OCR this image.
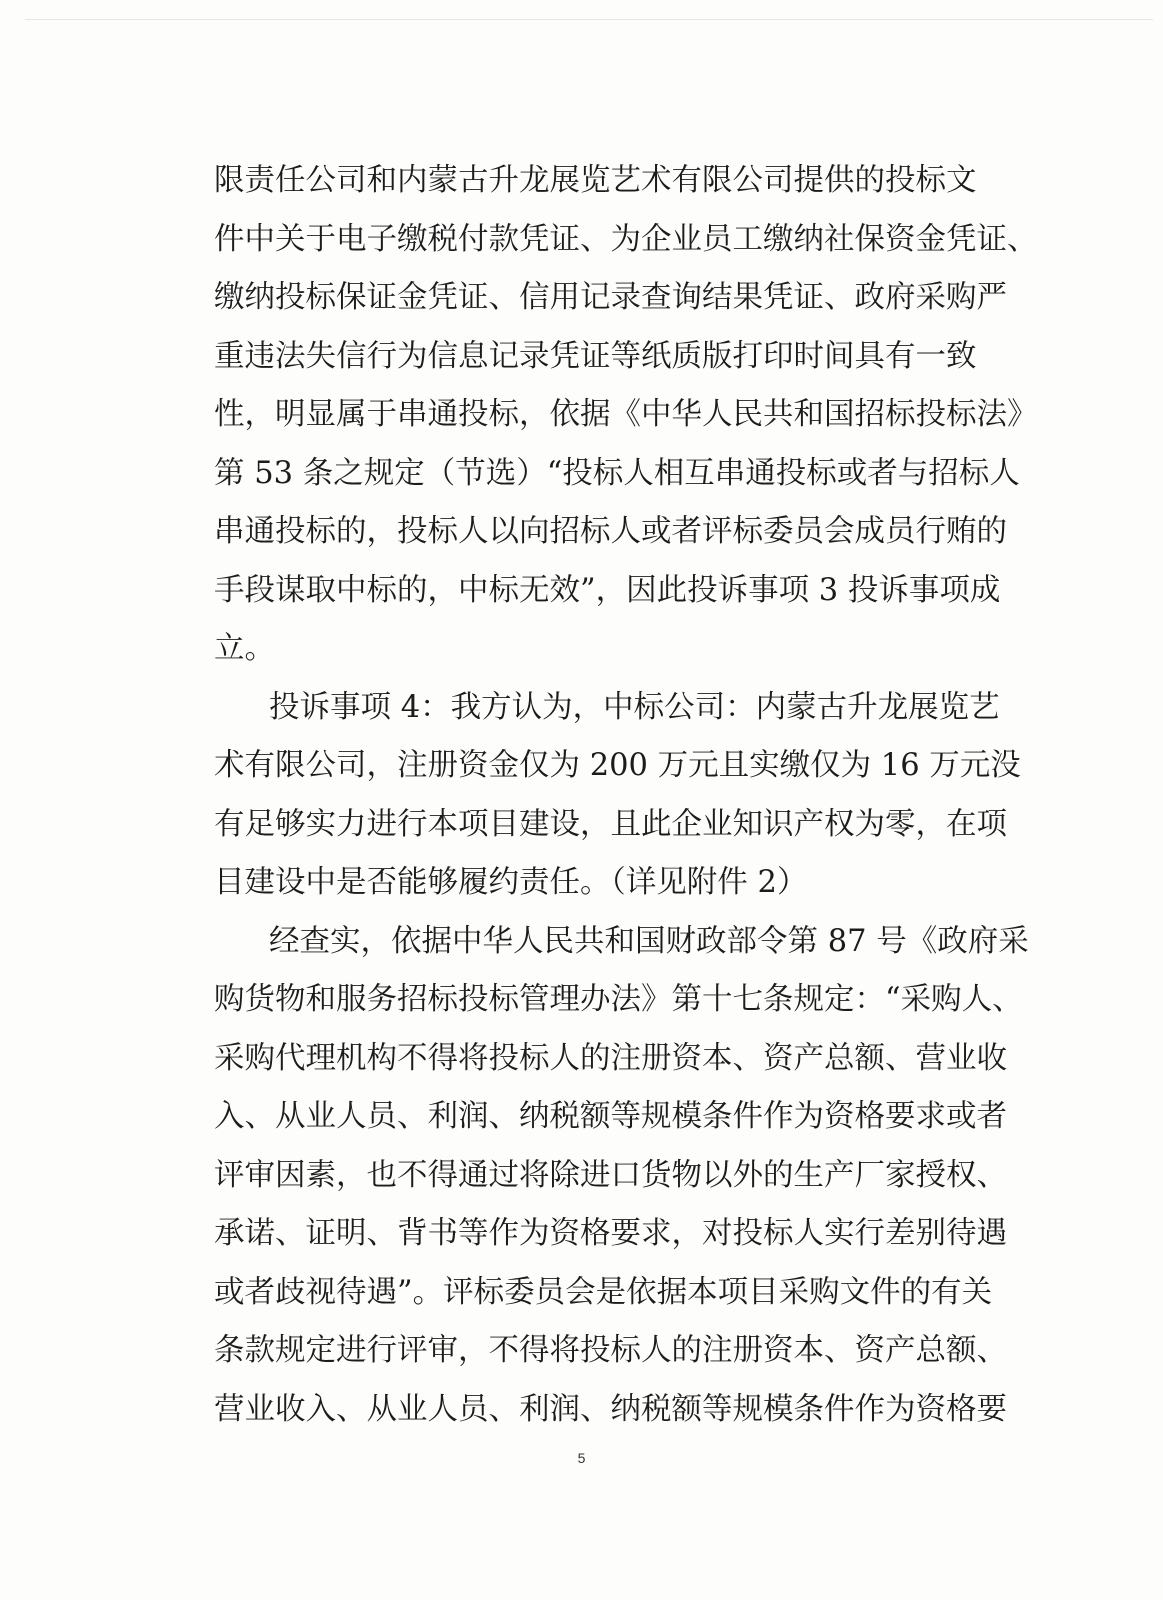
限责任公司和内蒙古升龙展览艺术有限公司提供的投标文
件中关于电子缴税付款凭证、为企业员工缴纳社保资金凭证、
缴纳投标保证金凭证、信用记录查询结果凭证、政府采购严
重违法失信行为信息记录凭证等纸质版打印时间具有一致
性，明显属于串通投标，依据《中华人民共和国招标投标法》
第 53 条之规定（节选）“投标人相互串通投标或者与招标人
串通投标的，投标人以向招标人或者评标委员会成员行贿的
手段谋取中标的，中标无效”，因此投诉事项 3 投诉事项成
立。
投诉事项 4：我方认为，中标公司：内蒙古升龙展览艺
术有限公司，注册资金仅为 200 万元且实缴仅为 16 万元没
有足够实力进行本项目建设，且此企业知识产权为零，在项
目建设中是否能够履约责任。（详见附件 2）
经查实，依据中华人民共和国财政部令第 87 号《政府采
购货物和服务招标投标管理办法》第十七条规定：“采购人、
采购代理机构不得将投标人的注册资本、资产总额、营业收
入、从业人员、利润、纳税额等规模条件作为资格要求或者
评审因素，也不得通过将除进口货物以外的生产厂家授权、
承诺、证明、背书等作为资格要求，对投标人实行差别待遇
或者歧视待遇”。评标委员会是依据本项目采购文件的有关
条款规定进行评审，不得将投标人的注册资本、资产总额、
营业收入、从业人员、利润、纳税额等规模条件作为资格要
5
